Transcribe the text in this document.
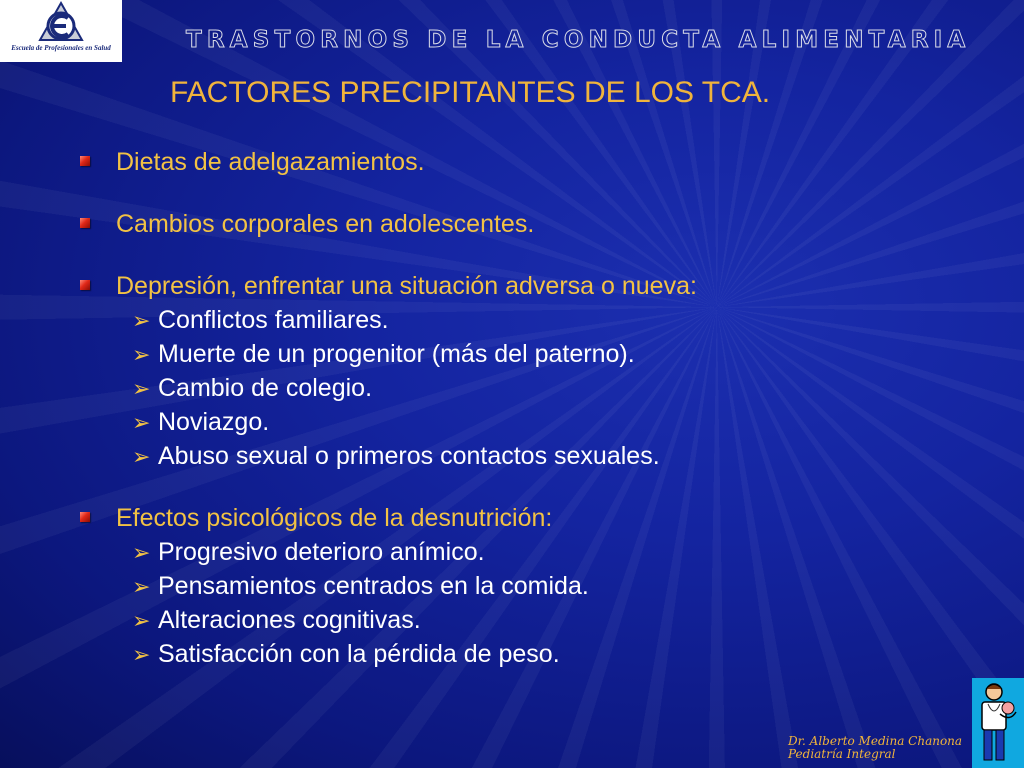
Escuela de Profesionales en Salud	TRASTORNOS DE LA CONDUCTA ALIMENTARIA
FACTORES PRECIPITANTES DE LOS TCA.
Dietas de adelgazamientos.
Cambios corporales en adolescentes.
Depresión, enfrentar una situación adversa o nueva:
➢ Conflictos familiares.
➢ Muerte de un progenitor (más del paterno).
➢ Cambio de colegio.
➢ Noviazgo.
➢ Abuso sexual o primeros contactos sexuales.
Efectos psicológicos de la desnutrición:
➢ Progresivo deterioro anímico.
➢ Pensamientos centrados en la comida.
➢ Alteraciones cognitivas.
➢ Satisfacción con la pérdida de peso.
Dr. Alberto Medina Chanona
Pediatría Integral
